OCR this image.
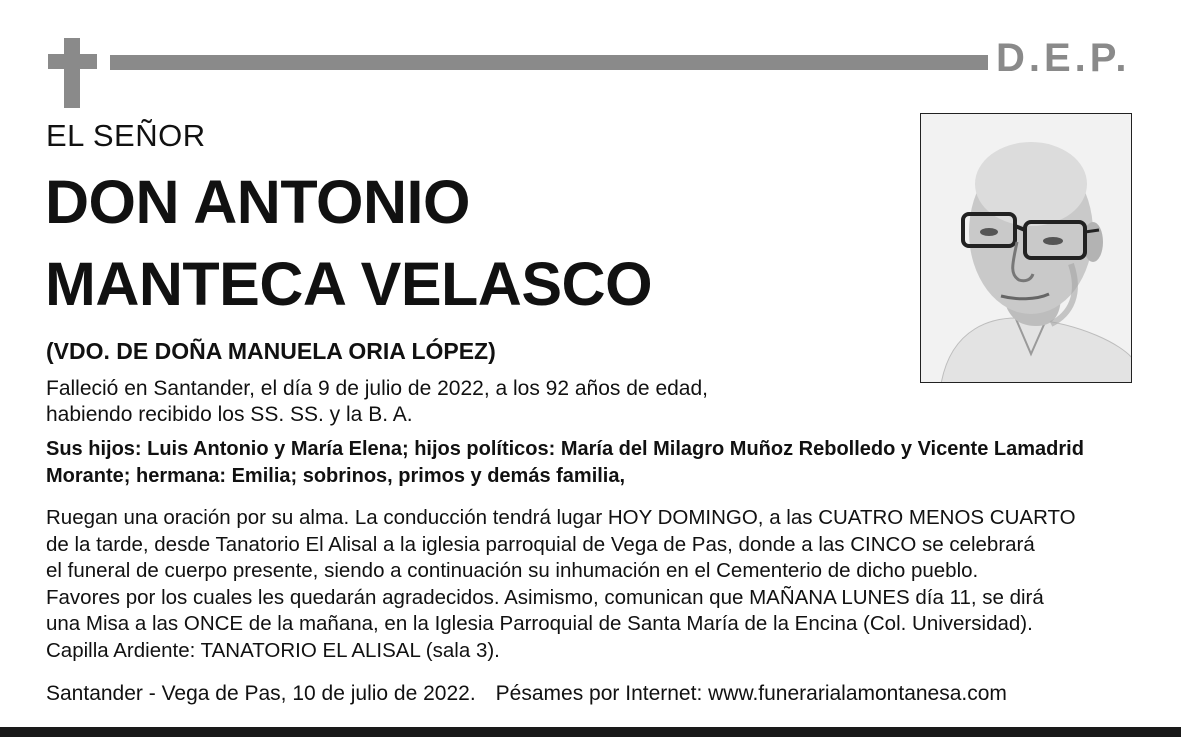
D.E.P.
EL SEÑOR
DON ANTONIO
MANTECA VELASCO
(VDO. DE DOÑA MANUELA ORIA LÓPEZ)
Falleció en Santander, el día 9 de julio de 2022, a los 92 años de edad,
habiendo recibido los SS. SS. y la B. A.
Sus hijos: Luis Antonio y María Elena; hijos políticos: María del Milagro Muñoz Rebolledo y Vicente Lamadrid
Morante; hermana: Emilia; sobrinos, primos y demás familia,
Ruegan una oración por su alma. La conducción tendrá lugar HOY DOMINGO, a las CUATRO MENOS CUARTO
de la tarde, desde Tanatorio El Alisal a la iglesia parroquial de Vega de Pas, donde a las CINCO se celebrará
el funeral de cuerpo presente, siendo a continuación su inhumación en el Cementerio de dicho pueblo.
Favores por los cuales les quedarán agradecidos. Asimismo, comunican que MAÑANA LUNES día 11, se dirá
una Misa a las ONCE de la mañana, en la Iglesia Parroquial de Santa María de la Encina (Col. Universidad).
Capilla Ardiente: TANATORIO EL ALISAL (sala 3).
Santander - Vega de Pas, 10 de julio de 2022. Pésames por Internet: www.funerarialamontanesa.com
